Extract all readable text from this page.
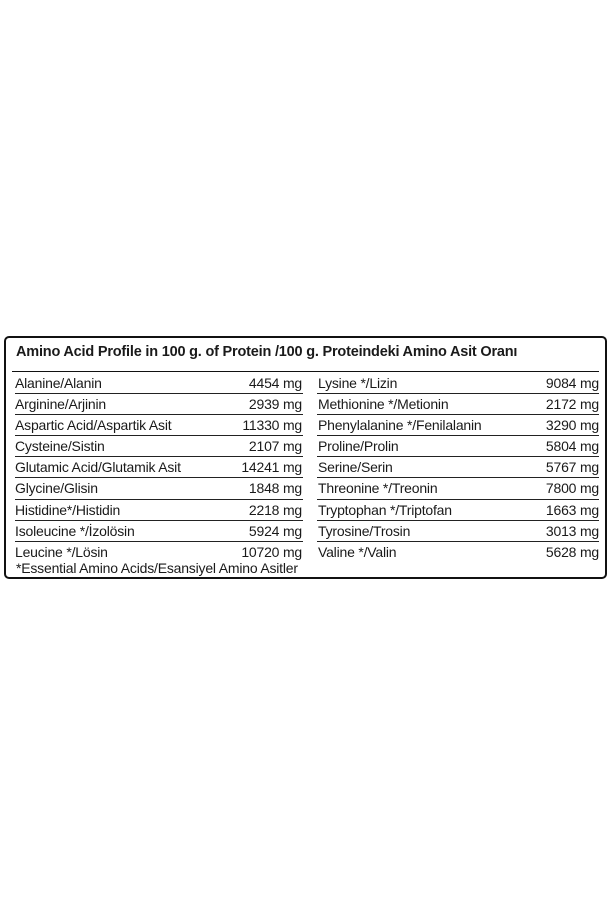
Amino Acid Profile in 100 g. of Protein /100 g. Proteindeki Amino Asit Oranı
Alanine/Alanin	4454 mg Lysine */Lizin	9084 mg
Arginine/Arjinin	2939 mg Methionine */Metionin	2172 mg
Aspartic Acid/Aspartik Asit	11330 mg Phenylalanine */Fenilalanin	3290 mg
Cysteine/Sistin	2107 mg Proline/Prolin	5804 mg
Glutamic Acid/Glutamik Asit	14241 mg Serine/Serin	5767 mg
Glycine/Glisin	1848 mg Threonine */Treonin	7800 mg
Histidine*/Histidin	2218 mg Tryptophan */Triptofan	1663 mg
Isoleucine */İzolösin	5924 mg Tyrosine/Trosin	3013 mg
Leucine */Lösin	10720 mg Valine */Valin	5628 mg
*Essential Amino Acids/Esansiyel Amino Asitler
